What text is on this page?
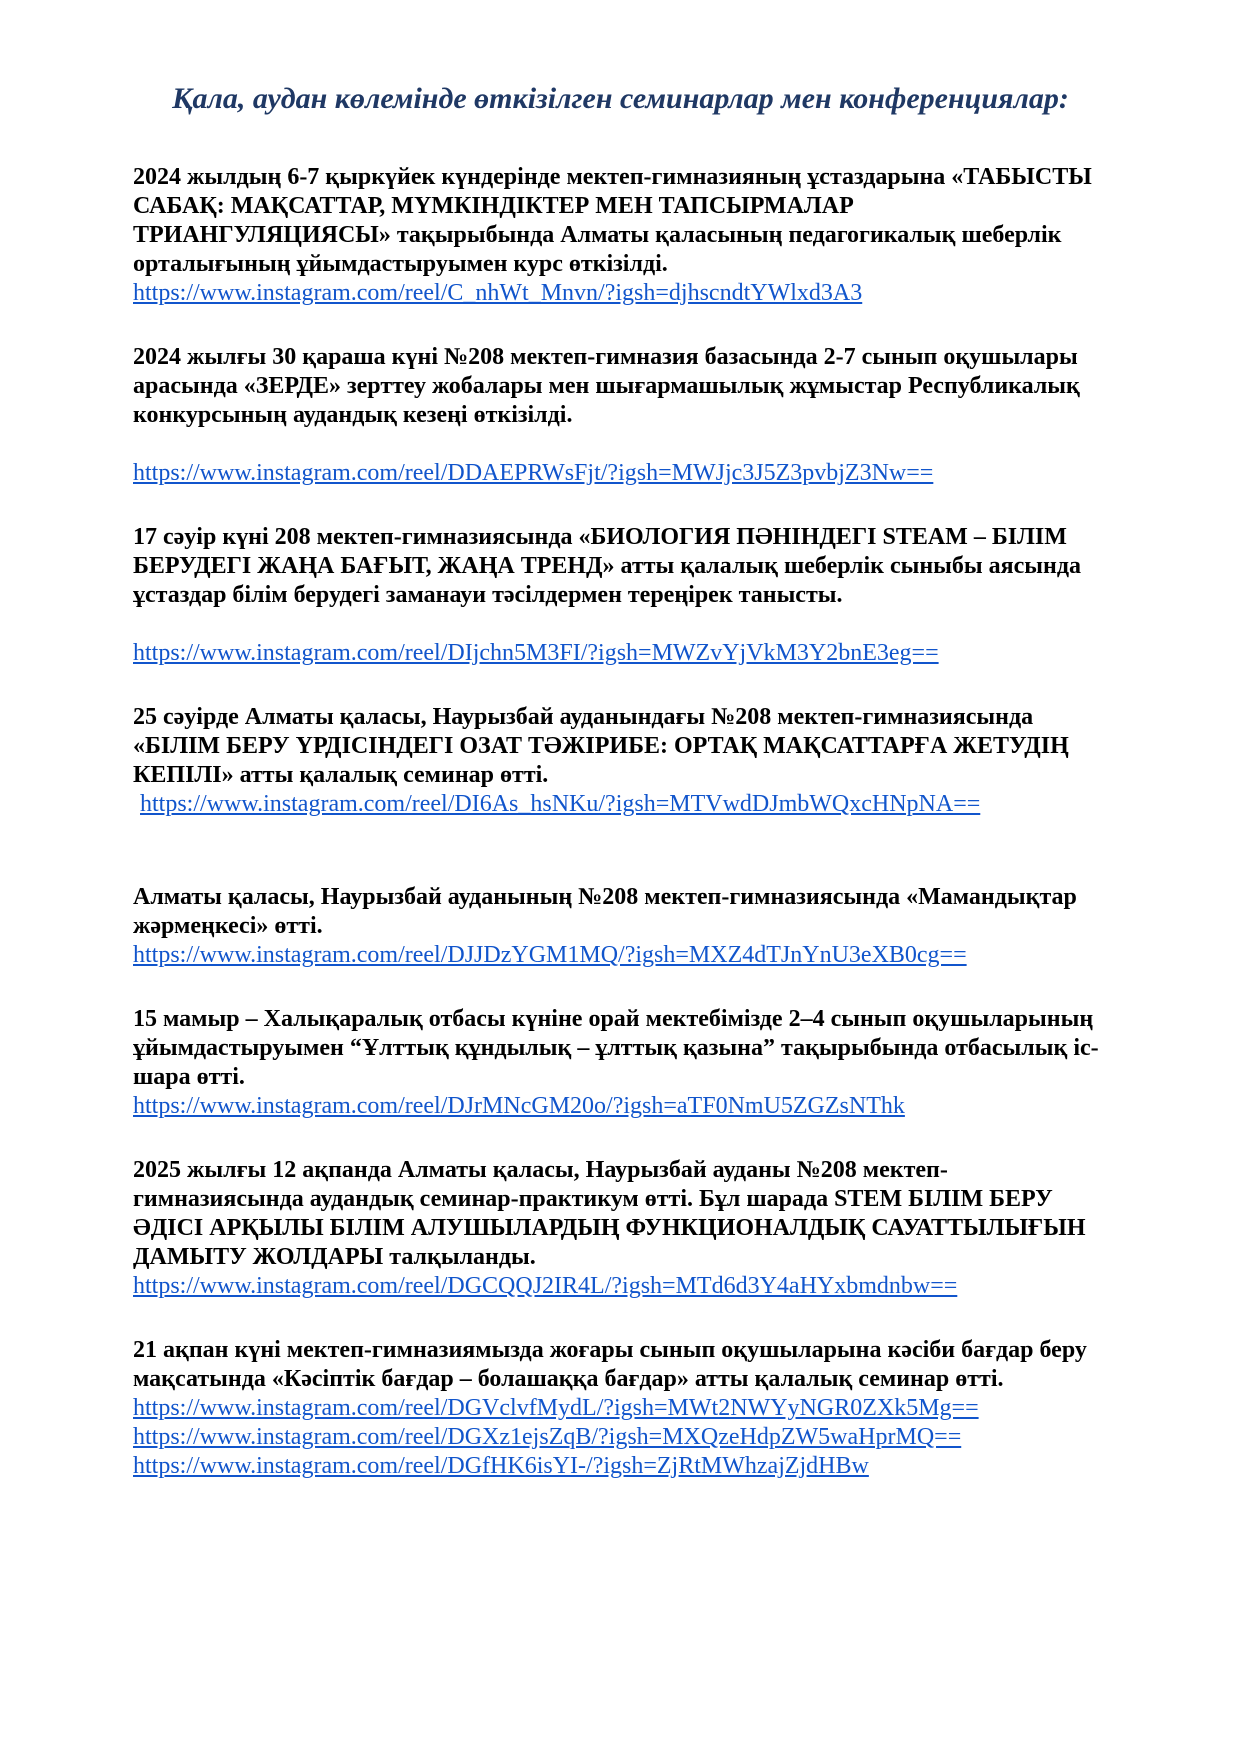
Қала, аудан көлемінде өткізілген семинарлар мен конференциялар:

2024 жылдың 6-7 қыркүйек күндерінде мектеп-гимназияның ұстаздарына «ТАБЫСТЫ САБАҚ: МАҚСАТТАР, МҮМКІНДІКТЕР МЕН ТАПСЫРМАЛАР ТРИАНГУЛЯЦИЯСЫ» тақырыбында Алматы қаласының педагогикалық шеберлік орталығының ұйымдастыруымен курс өткізілді.

https://www.instagram.com/reel/C_nhWt_Mnvn/?igsh=djhscndtYWlxd3A3

2024 жылғы 30 қараша күні №208 мектеп-гимназия базасында 2-7 сынып оқушылары арасында «ЗЕРДЕ» зерттеу жобалары мен шығармашылық жұмыстар Республикалық конкурсының аудандық кезеңі өткізілді.

https://www.instagram.com/reel/DDAEPRWsFjt/?igsh=MWJjc3J5Z3pvbjZ3Nw==

17 сәуір күні 208 мектеп-гимназиясында «БИОЛОГИЯ ПӘНІНДЕГІ STEAM – БІЛІМ БЕРУДЕГІ ЖАҢА БАҒЫТ, ЖАҢА ТРЕНД» атты қалалық шеберлік сыныбы аясында ұстаздар білім берудегі заманауи тәсілдермен тереңірек танысты.

https://www.instagram.com/reel/DIjchn5M3FI/?igsh=MWZvYjVkM3Y2bnE3eg==

25 сәуірде Алматы қаласы, Наурызбай ауданындағы №208 мектеп-гимназиясында «БІЛІМ БЕРУ ҮРДІСІНДЕГІ ОЗАТ ТӘЖІРИБЕ: ОРТАҚ МАҚСАТТАРҒА ЖЕТУДІҢ КЕПІЛІ» атты қалалық семинар өтті.

https://www.instagram.com/reel/DI6As_hsNKu/?igsh=MTVwdDJmbWQxcHNpNA==

Алматы қаласы, Наурызбай ауданының №208 мектеп-гимназиясында «Мамандықтар жәрмеңкесі» өтті.

https://www.instagram.com/reel/DJJDzYGM1MQ/?igsh=MXZ4dTJnYnU3eXB0cg==

15 мамыр – Халықаралық отбасы күніне орай мектебімізде 2–4 сынып оқушыларының ұйымдастыруымен “Ұлттық құндылық – ұлттық қазына” тақырыбында отбасылық іс-шара өтті.

https://www.instagram.com/reel/DJrMNcGM20o/?igsh=aTF0NmU5ZGZsNThk

2025 жылғы 12 ақпанда Алматы қаласы, Наурызбай ауданы №208 мектеп-гимназиясында аудандық семинар-практикум өтті. Бұл шарада STEM БІЛІМ БЕРУ ӘДІСІ АРҚЫЛЫ БІЛІМ АЛУШЫЛАРДЫҢ ФУНКЦИОНАЛДЫҚ САУАТТЫЛЫҒЫН ДАМЫТУ ЖОЛДАРЫ талқыланды.

https://www.instagram.com/reel/DGCQQJ2IR4L/?igsh=MTd6d3Y4aHYxbmdnbw==

21 ақпан күні мектеп-гимназиямызда жоғары сынып оқушыларына кәсіби бағдар беру мақсатында «Кәсіптік бағдар – болашаққа бағдар» атты қалалық семинар өтті.

https://www.instagram.com/reel/DGVclvfMydL/?igsh=MWt2NWYyNGR0ZXk5Mg==
https://www.instagram.com/reel/DGXz1ejsZqB/?igsh=MXQzeHdpZW5waHprMQ==
https://www.instagram.com/reel/DGfHK6isYI-/?igsh=ZjRtMWhzajZjdHBw
